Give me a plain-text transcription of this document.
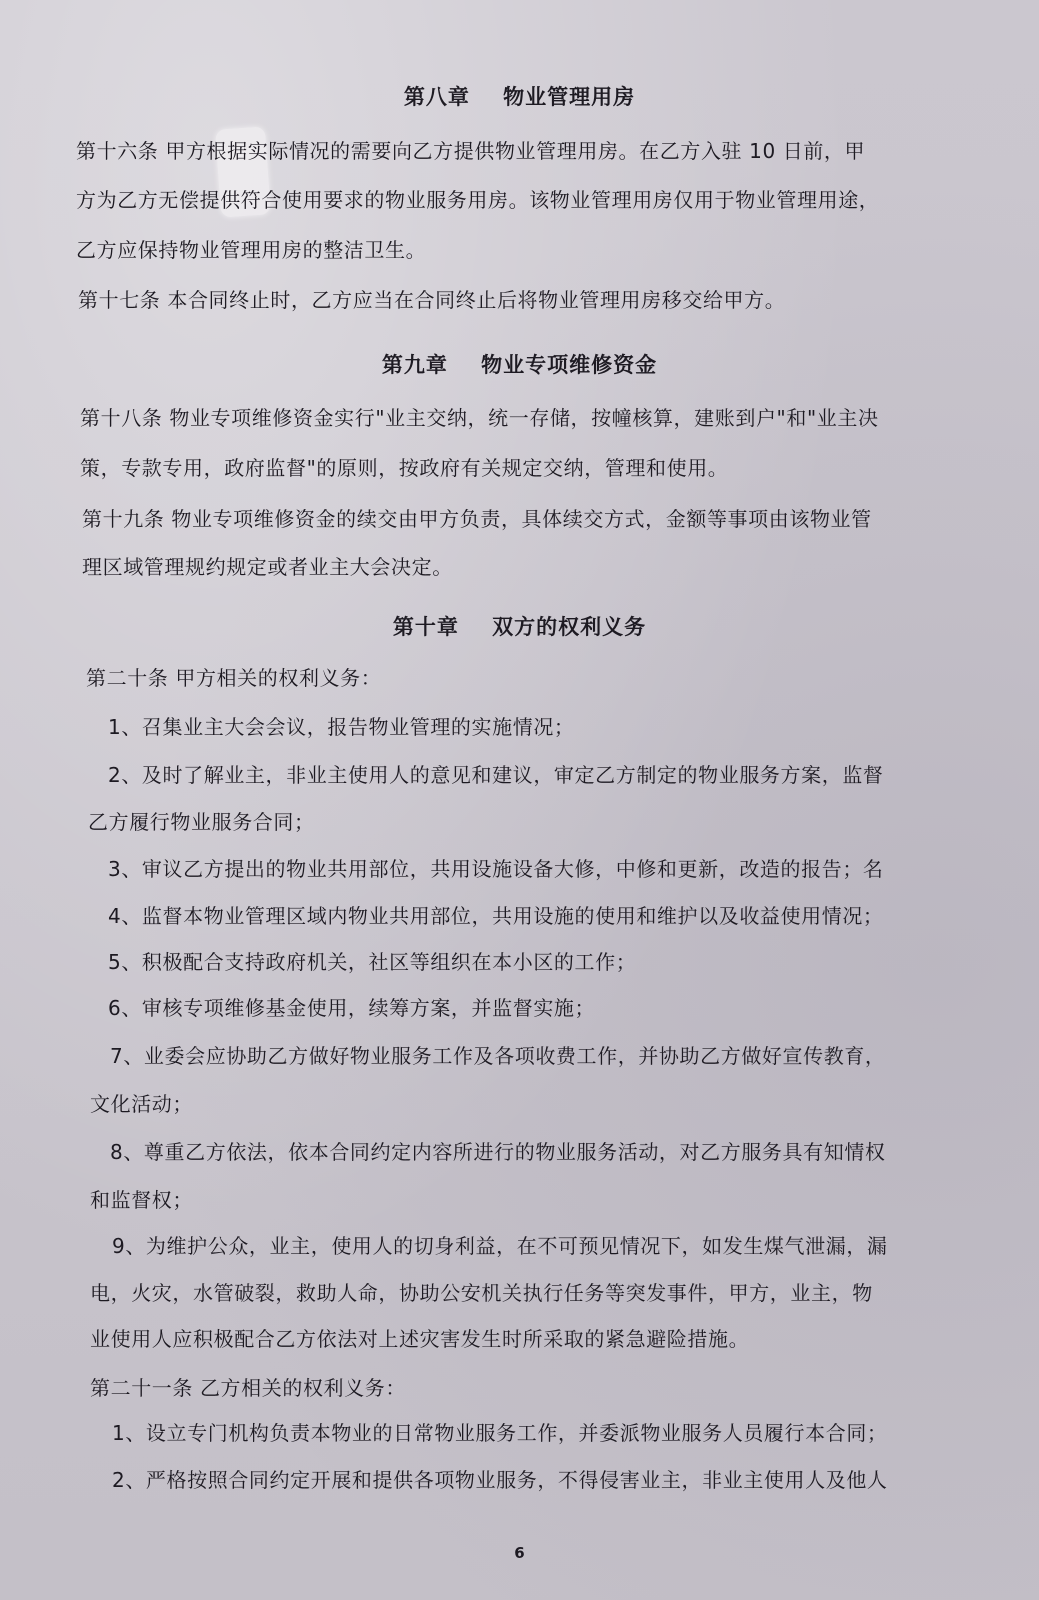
第八章    物业管理用房
第十六条 甲方根据实际情况的需要向乙方提供物业管理用房。在乙方入驻 10 日前，甲
方为乙方无偿提供符合使用要求的物业服务用房。该物业管理用房仅用于物业管理用途，
乙方应保持物业管理用房的整洁卫生。
第十七条 本合同终止时，乙方应当在合同终止后将物业管理用房移交给甲方。
第九章    物业专项维修资金
第十八条 物业专项维修资金实行"业主交纳，统一存储，按幢核算，建账到户"和"业主决
策，专款专用，政府监督"的原则，按政府有关规定交纳，管理和使用。
第十九条 物业专项维修资金的续交由甲方负责，具体续交方式，金额等事项由该物业管
理区域管理规约规定或者业主大会决定。
第十章    双方的权利义务
第二十条 甲方相关的权利义务：
1、召集业主大会会议，报告物业管理的实施情况；
2、及时了解业主，非业主使用人的意见和建议，审定乙方制定的物业服务方案，监督
乙方履行物业服务合同；
3、审议乙方提出的物业共用部位，共用设施设备大修，中修和更新，改造的报告；名
4、监督本物业管理区域内物业共用部位，共用设施的使用和维护以及收益使用情况；
5、积极配合支持政府机关，社区等组织在本小区的工作；
6、审核专项维修基金使用，续筹方案，并监督实施；
7、业委会应协助乙方做好物业服务工作及各项收费工作，并协助乙方做好宣传教育，
文化活动；
8、尊重乙方依法，依本合同约定内容所进行的物业服务活动，对乙方服务具有知情权
和监督权；
9、为维护公众，业主，使用人的切身利益，在不可预见情况下，如发生煤气泄漏，漏
电，火灾，水管破裂，救助人命，协助公安机关执行任务等突发事件，甲方，业主，物
业使用人应积极配合乙方依法对上述灾害发生时所采取的紧急避险措施。
第二十一条 乙方相关的权利义务：
1、设立专门机构负责本物业的日常物业服务工作，并委派物业服务人员履行本合同；
2、严格按照合同约定开展和提供各项物业服务，不得侵害业主，非业主使用人及他人
6
